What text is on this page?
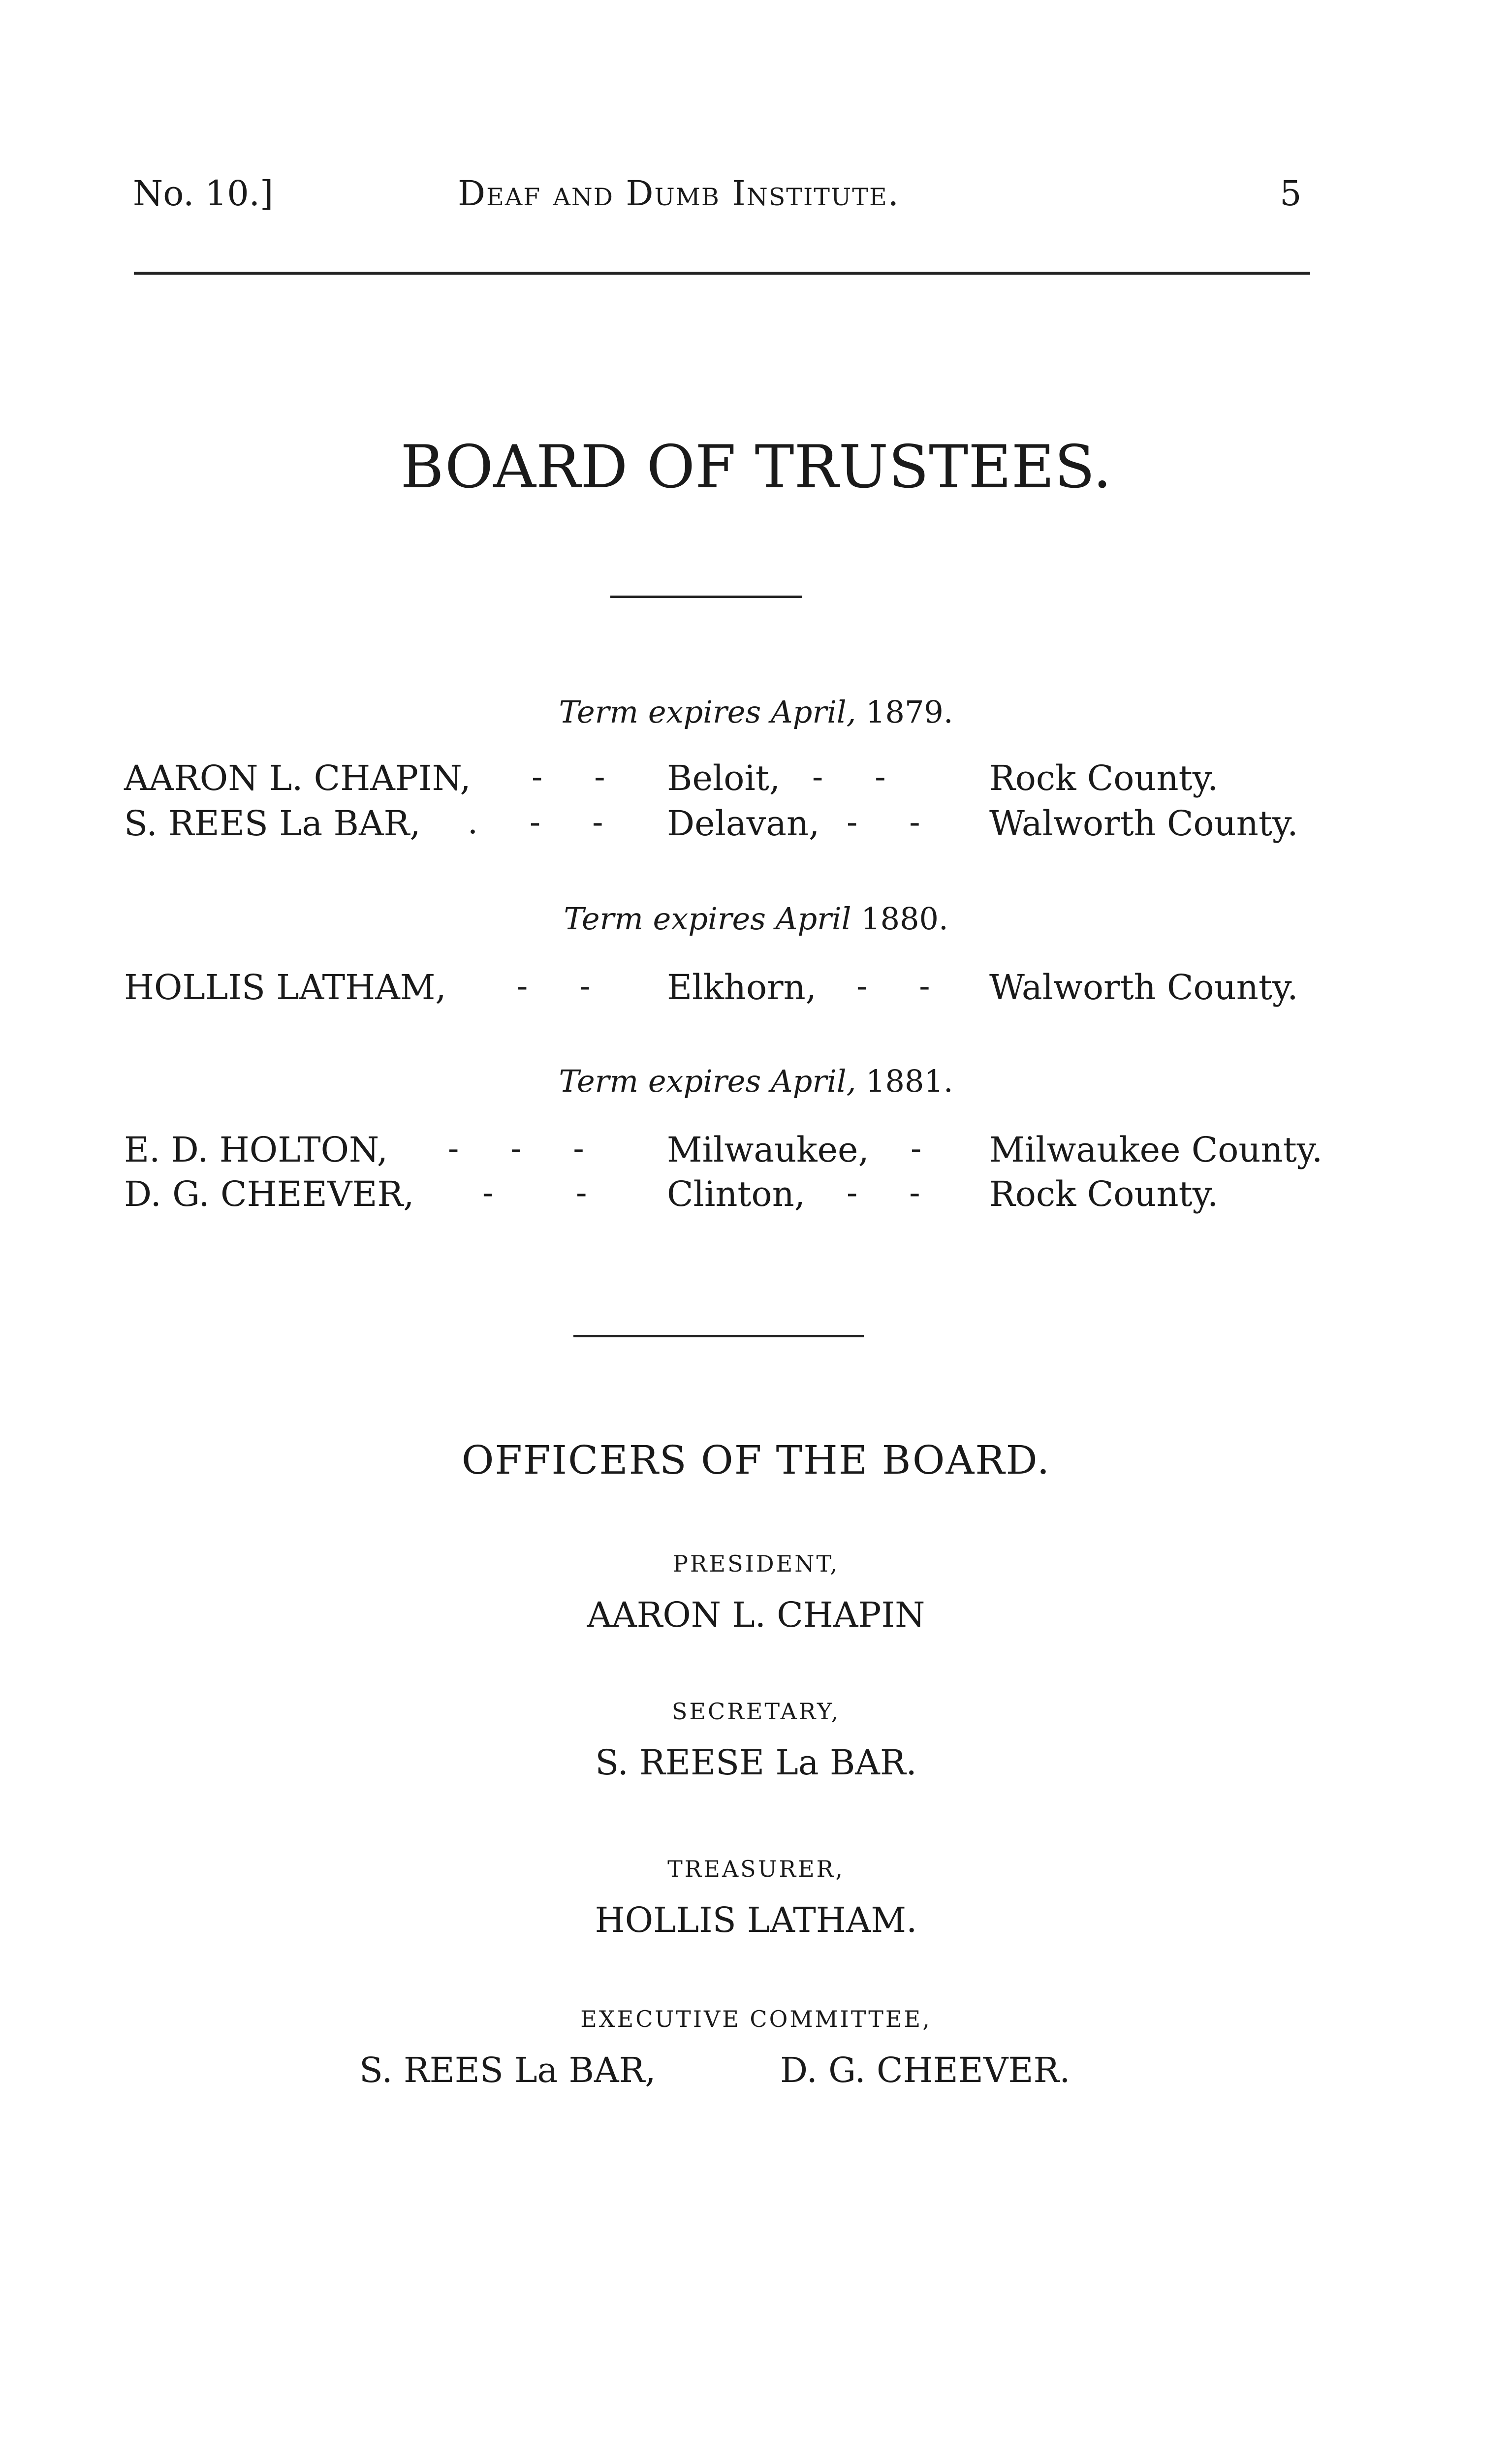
No. 10.]	Deaf and Dumb Institute.	5
BOARD OF TRUSTEES.
Term expires April, 1879.
AARON L. CHAPIN, -     - Beloit, -     -	Rock County.
S. REES La BAR, .     -     - Delavan, -     - Walworth County.
Term expires April 1880.
HOLLIS LATHAM, -     - Elkhorn, -     - Walworth County.
Term expires April, 1881.
E. D. HOLTON, -     -     - Milwaukee, - Milwaukee County.
D. G. CHEEVER, -        - Clinton, -     - Rock County.
OFFICERS OF THE BOARD.
PRESIDENT,
AARON L. CHAPIN
SECRETARY,
S. REESE La BAR.
TREASURER,
HOLLIS LATHAM.
EXECUTIVE COMMITTEE,
S. REES La BAR,	D. G. CHEEVER.
